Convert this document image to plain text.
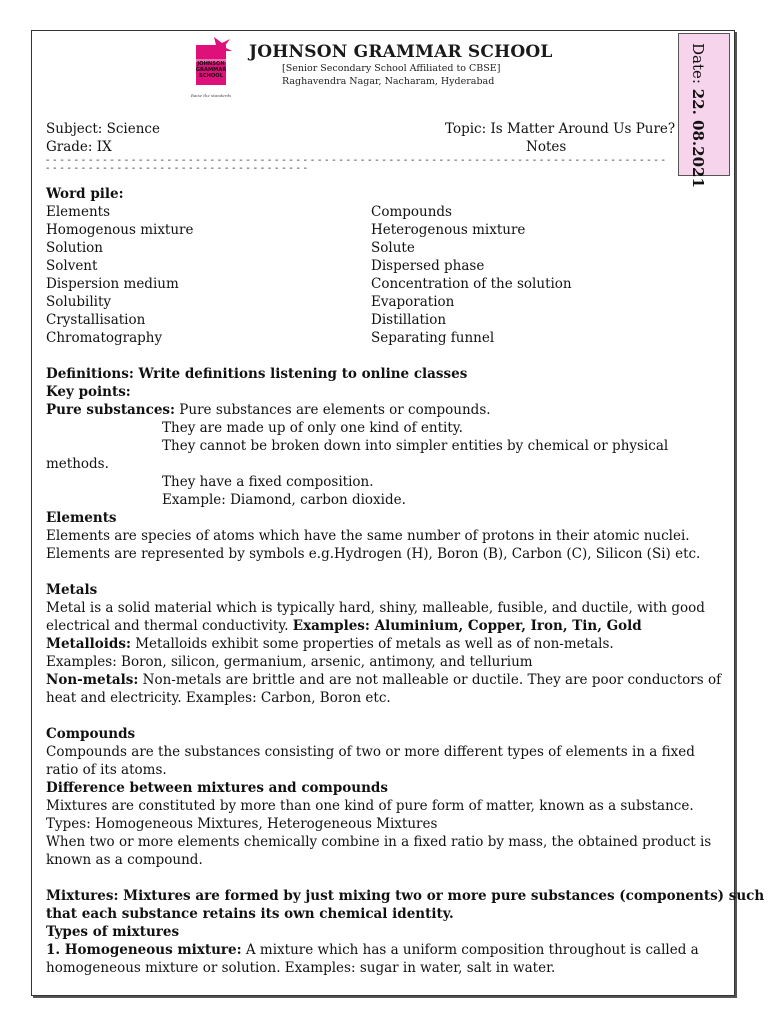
JOHNSON
GRAMMAR
SCHOOL
Raise the standards
JOHNSON GRAMMAR SCHOOL
[Senior Secondary School Affiliated to CBSE]
Raghavendra Nagar, Nacharam, Hyderabad	Date: 22. 08.2021
Subject: Science
Grade: IX
Topic: Is Matter Around Us Pure?
Notes
- - - - - - - - - - - - - - - - - - - - - - - - - - - - - - - - - - - - - - - - - - - - - - - - - - - - - - - - - - - - - - - - - - - - - - - - - - - - - - - - - - - - - - - - - - - - - - - - - - - - - - - - - - - - - - - - - - - - - - - - - - - -
Word pile:
Elements
Homogenous mixture
Solution
Solvent
Dispersion medium
Solubility
Crystallisation
Chromatography
Compounds
Heterogenous mixture
Solute
Dispersed phase
Concentration of the solution
Evaporation
Distillation
Separating funnel
Definitions: Write definitions listening to online classes
Key points:
Pure substances: Pure substances are elements or compounds.
They are made up of only one kind of entity.
They cannot be broken down into simpler entities by chemical or physical
methods.
They have a fixed composition.
Example: Diamond, carbon dioxide.
Elements
Elements are species of atoms which have the same number of protons in their atomic nuclei.
Elements are represented by symbols e.g.Hydrogen (H), Boron (B), Carbon (C), Silicon (Si) etc.
Metals
Metal is a solid material which is typically hard, shiny, malleable, fusible, and ductile, with good
electrical and thermal conductivity. Examples: Aluminium, Copper, Iron, Tin, Gold
Metalloids: Metalloids exhibit some properties of metals as well as of non-metals.
Examples: Boron, silicon, germanium, arsenic, antimony, and tellurium
Non-metals: Non-metals are brittle and are not malleable or ductile. They are poor conductors of
heat and electricity. Examples: Carbon, Boron etc.
Compounds
Compounds are the substances consisting of two or more different types of elements in a fixed
ratio of its atoms.
Difference between mixtures and compounds
Mixtures are constituted by more than one kind of pure form of matter, known as a substance.
Types: Homogeneous Mixtures, Heterogeneous Mixtures
When two or more elements chemically combine in a fixed ratio by mass, the obtained product is
known as a compound.
Mixtures: Mixtures are formed by just mixing two or more pure substances (components) such
that each substance retains its own chemical identity.
Types of mixtures
1. Homogeneous mixture: A mixture which has a uniform composition throughout is called a
homogeneous mixture or solution. Examples: sugar in water, salt in water.
